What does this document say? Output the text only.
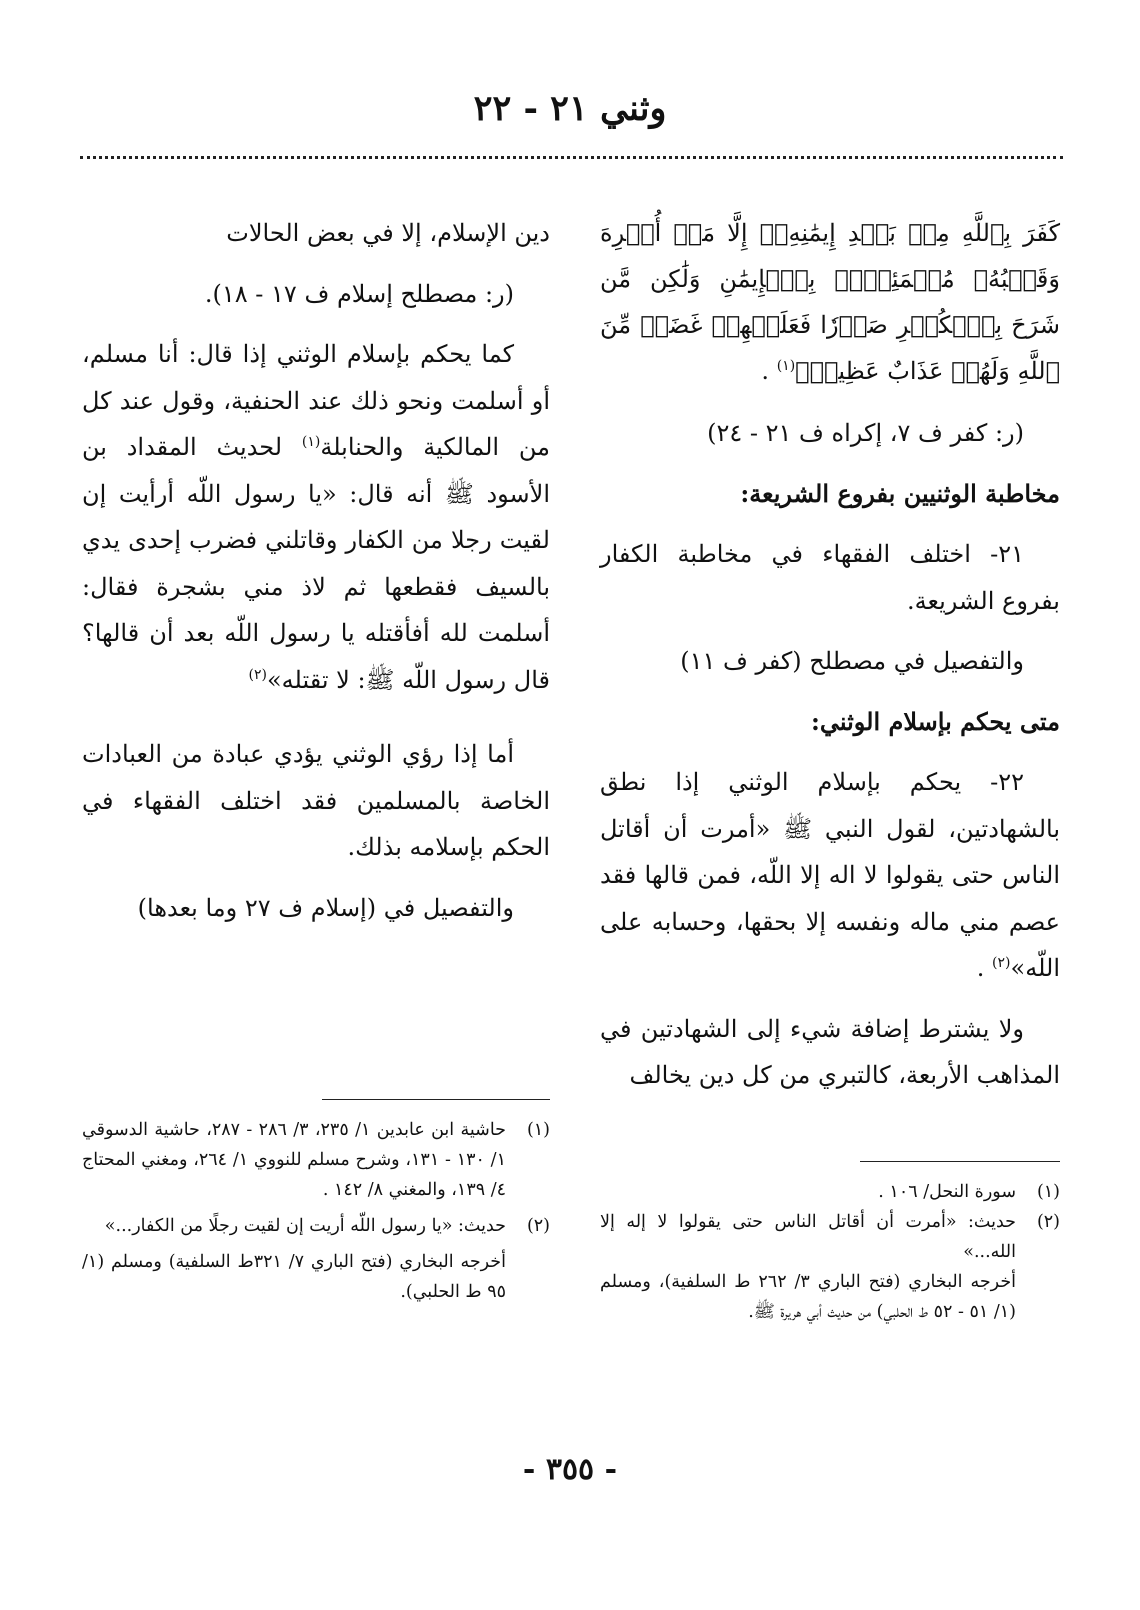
وثني ٢١ - ٢٢

كَفَرَ بِٱللَّهِ مِنۢ بَعۡدِ إِيمَٰنِهِۦٓ إِلَّا مَنۡ أُكۡرِهَ وَقَلۡبُهُۥ مُطۡمَئِنُّۢ بِٱلۡإِيمَٰنِ وَلَٰكِن مَّن شَرَحَ بِٱلۡكُفۡرِ صَدۡرٗا فَعَلَيۡهِمۡ غَضَبٞ مِّنَ ٱللَّهِ وَلَهُمۡ عَذَابٌ عَظِيمٞ﴾$^{(١)}$ .

(ر: كفر ف ٧، إكراه ف ٢١ - ٢٤)

مخاطبة الوثنيين بفروع الشريعة:

٢١- اختلف الفقهاء في مخاطبة الكفار بفروع الشريعة.

والتفصيل في مصطلح (كفر ف ١١)

متى يحكم بإسلام الوثني:

٢٢- يحكم بإسلام الوثني إذا نطق بالشهادتين، لقول النبي ﷺ «أمرت أن أقاتل الناس حتى يقولوا لا اله إلا اللّه، فمن قالها فقد عصم مني ماله ونفسه إلا بحقها، وحسابه على اللّه»$^{(٢)}$ .

ولا يشترط إضافة شيء إلى الشهادتين في المذاهب الأربعة، كالتبري من كل دين يخالف

دين الإسلام، إلا في بعض الحالات

(ر: مصطلح إسلام ف ١٧ - ١٨).

كما يحكم بإسلام الوثني إذا قال: أنا مسلم، أو أسلمت ونحو ذلك عند الحنفية، وقول عند كل من المالكية والحنابلة$^{(١)}$ لحديث المقداد بن الأسود ﷺ أنه قال: «يا رسول اللّه أرأيت إن لقيت رجلا من الكفار وقاتلني فضرب إحدى يدي بالسيف فقطعها ثم لاذ مني بشجرة فقال: أسلمت لله أفأقتله يا رسول اللّه بعد أن قالها؟ قال رسول اللّه ﷺ: لا تقتله»$^{(٢)}$

أما إذا رؤي الوثني يؤدي عبادة من العبادات الخاصة بالمسلمين فقد اختلف الفقهاء في الحكم بإسلامه بذلك.

والتفصيل في (إسلام ف ٢٧ وما بعدها)

(١)
حاشية ابن عابدين ١/ ٢٣٥، ٣/ ٢٨٦ - ٢٨٧، حاشية الدسوقي ١/ ١٣٠ - ١٣١، وشرح مسلم للنووي ١/ ٢٦٤، ومغني المحتاج ٤/ ١٣٩، والمغني ٨/ ١٤٢ .
(٢)
حديث: «يا رسول اللّه أريت إن لقيت رجلًا من الكفار...»
أخرجه البخاري (فتح الباري ٧/ ٣٢١ط السلفية) ومسلم (١/ ٩٥ ط الحلبي).
(١)
سورة النحل/ ١٠٦ .
(٢)
حديث: «أمرت أن أقاتل الناس حتى يقولوا لا إله إلا الله...»
أخرجه البخاري (فتح الباري ٣/ ٢٦٢ ط السلفية)، ومسلم (١/ ٥١ - ٥٢ ط الحلبي) من حديث أبي هريرة ﷺ.
- ٣٥٥ -
